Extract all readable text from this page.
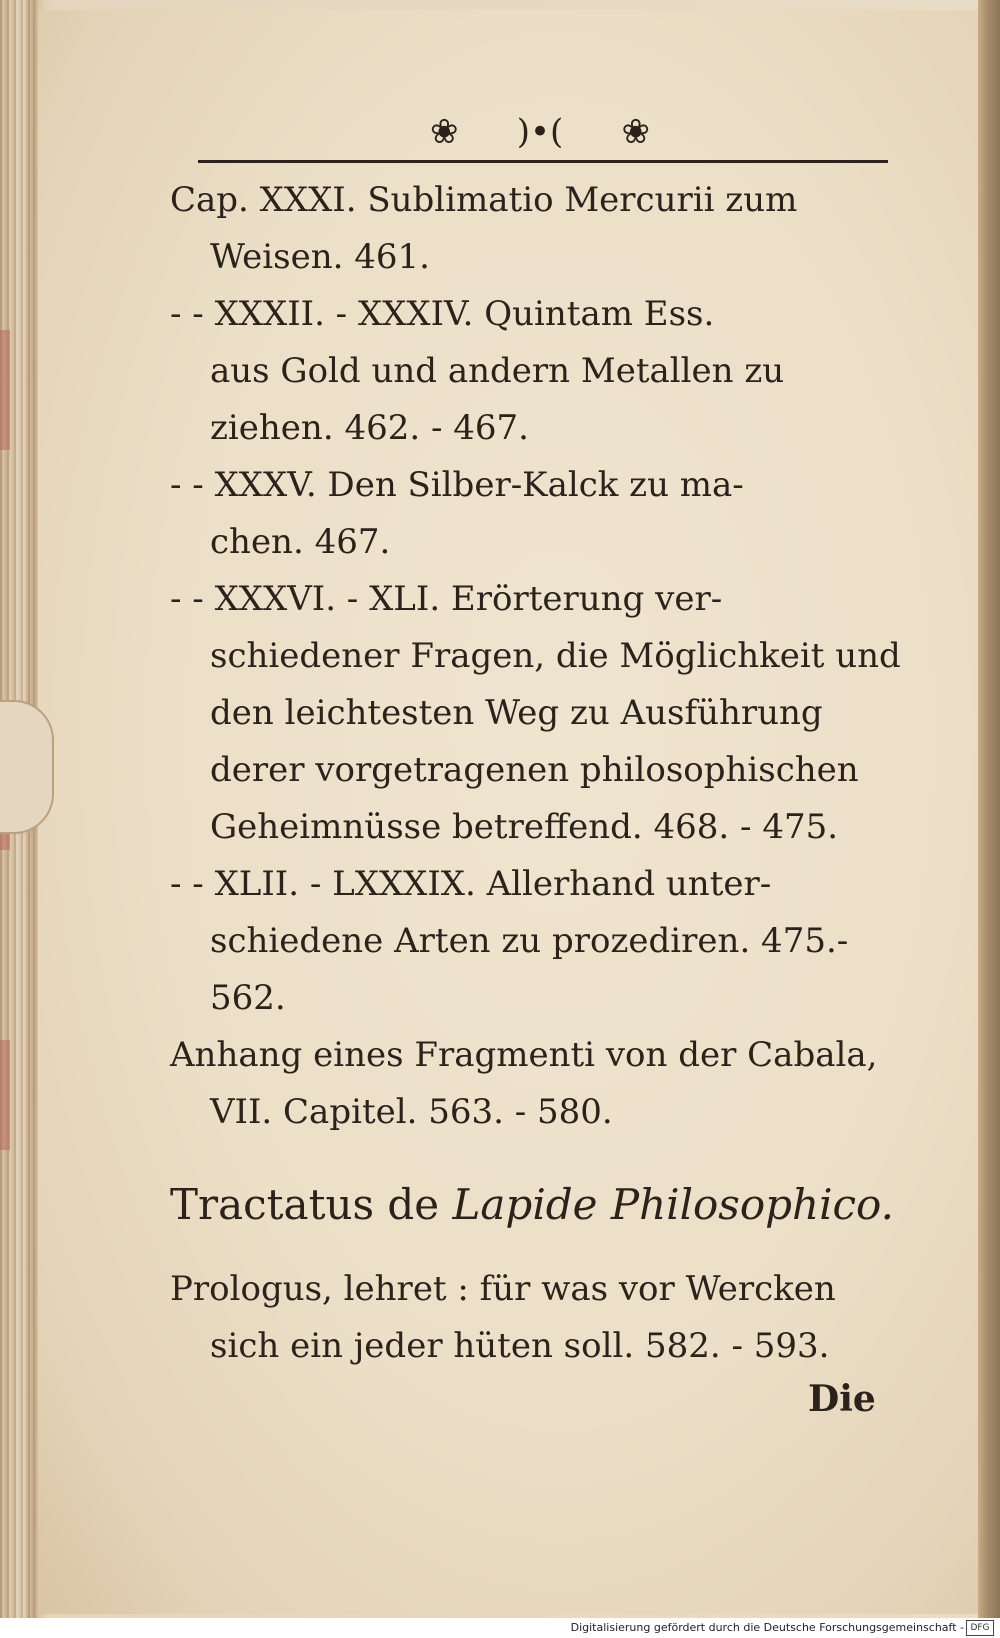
❀ )•( ❀
Cap. XXXI. Sublimatio Mercurii zum
Weisen. 461.
- - XXXII. - XXXIV. Quintam Ess.
aus Gold und andern Metallen zu
ziehen. 462. - 467.
- - XXXV. Den Silber-Kalck zu ma-
chen. 467.
- - XXXVI. - XLI. Erörterung ver-
schiedener Fragen, die Möglichkeit und
den leichtesten Weg zu Ausführung
derer vorgetragenen philosophischen
Geheimnüsse betreffend. 468. - 475.
- - XLII. - LXXXIX. Allerhand unter-
schiedene Arten zu prozediren. 475.-
562.
Anhang eines Fragmenti von der Cabala,
VII. Capitel. 563. - 580.
Tractatus de Lapide Philosophico.
Prologus, lehret : für was vor Wercken
sich ein jeder hüten soll. 582. - 593.
Die
Digitalisierung gefördert durch die Deutsche Forschungsgemeinschaft - DFG
